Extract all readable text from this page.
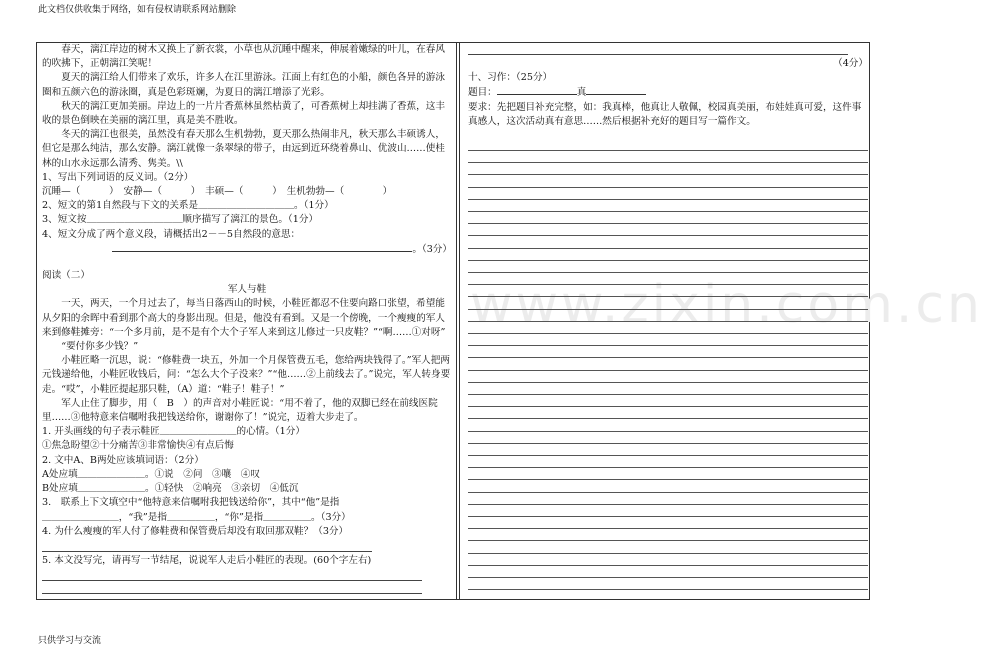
此文档仅供收集于网络，如有侵权请联系网站删除
www.zixin.com.cn

春天，漓江岸边的树木又换上了新衣裳，小草也从沉睡中醒来，伸展着嫩绿的叶儿，在春风的吹拂下，正朝漓江笑呢！

夏天的漓江给人们带来了欢乐，许多人在江里游泳。江面上有红色的小船，颜色各异的游泳圈和五颜六色的游泳圈，真是色彩斑斓，为夏日的漓江增添了光彩。

秋天的漓江更加美丽。岸边上的一片片香蕉林虽然枯黄了，可香蕉树上却挂满了香蕉，这丰收的景色倒映在美丽的漓江里，真是美不胜收。

冬天的漓江也很美，虽然没有春天那么生机勃勃，夏天那么热闹非凡，秋天那么丰硕诱人，但它是那么纯洁，那么安静。漓江就像一条翠绿的带子，由远到近环绕着鼻山、优波山……使桂林的山水永远那么清秀、隽美。\\

1、写出下列词语的反义词。（2分）

沉睡—（　　　）　安静—（　　　）　丰硕—（　　　）　生机勃勃—（　　　　）

2、短文的第1自然段与下文的关系是＿＿＿＿＿＿＿＿＿＿。（1分）

3、短文按＿＿＿＿＿＿＿＿＿＿顺序描写了漓江的景色。（1分）

4、短文分成了两个意义段，请概括出2－－5自然段的意思：

。（3分）

阅读（二）

军人与鞋

一天，两天，一个月过去了，每当日落西山的时候，小鞋匠都忍不住要向路口张望，希望能从夕阳的余晖中看到那个高大的身影出现。但是，他没有看到。又是一个傍晚，一个瘦瘦的军人来到修鞋摊旁：“一个多月前，是不是有个大个子军人来到这儿修过一只皮鞋？”“啊……①对呀”

“要付你多少钱？”

小鞋匠略一沉思，说：“修鞋费一块五，外加一个月保管费五毛，您给两块钱得了。”军人把两元钱递给他，小鞋匠收钱后，问：“怎么大个子没来？”“他……②上前线去了。”说完，军人转身要走。“哎”，小鞋匠提起那只鞋，（A）道：“鞋子！鞋子！”

军人止住了脚步，用（　B　）的声音对小鞋匠说：“用不着了，他的双脚已经在前线医院里……③他特意来信嘱咐我把钱送给你，谢谢你了！”说完，迈着大步走了。

1. 开头画线的句子表示鞋匠＿＿＿＿＿＿＿＿的心情。（1分）

①焦急盼望②十分痛苦③非常愉快④有点后悔

2. 文中A、B两处应该填词语：（2分）

A处应填＿＿＿＿＿＿＿。①说　②问　③嚷　④叹

B处应填＿＿＿＿＿＿＿。①轻快　②响亮　③亲切　④低沉

3.　联系上下文填空中“他特意来信嘱咐我把钱送给你”，其中“他”是指

＿＿＿＿＿＿＿＿，“我”是指＿＿＿＿＿，“你”是指＿＿＿＿＿。（3分）

4. 为什么瘦瘦的军人付了修鞋费和保管费后却没有取回那双鞋？（3分）

5. 本文没写完，请再写一节结尾，说说军人走后小鞋匠的表现。(60个字左右)

（4分）

十、习作：（25分）

题目：	真

要求：先把题目补充完整，如：我真棒，他真让人敬佩，校园真美丽，布娃娃真可爱，这件事真感人，这次活动真有意思……然后根据补充好的题目写一篇作文。

只供学习与交流
